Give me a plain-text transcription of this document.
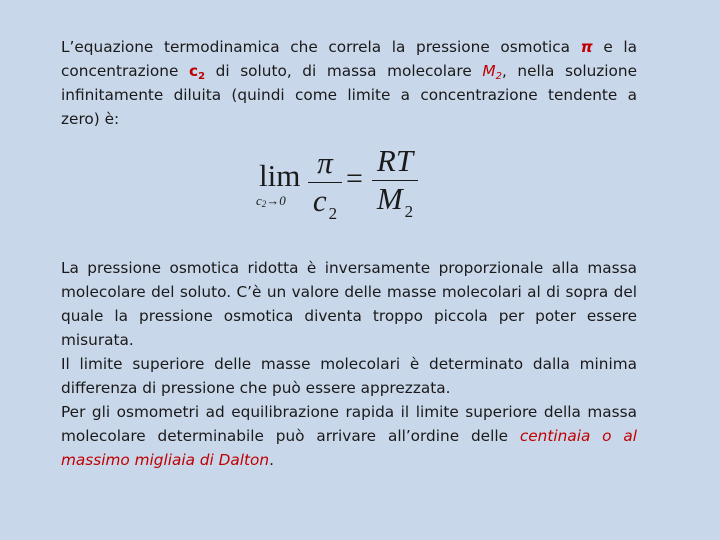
L’equazione termodinamica che correla la pressione osmotica π e la concentrazione $c_2$ di soluto, di massa molecolare $M_2$, nella soluzione infinitamente diluita (quindi come limite a concentrazione tendente a zero) è:

lim
c2→0
π
c $_2$
=
RT
M $_2$
La pressione osmotica ridotta è inversamente proporzionale alla massa molecolare del soluto. C’è un valore delle masse molecolari al di sopra del quale la pressione osmotica diventa troppo piccola per poter essere misurata.
Il limite superiore delle masse molecolari è determinato dalla minima differenza di pressione che può essere apprezzata.
Per gli osmometri ad equilibrazione rapida il limite superiore della massa molecolare determinabile può arrivare all’ordine delle centinaia o al massimo migliaia di Dalton.
